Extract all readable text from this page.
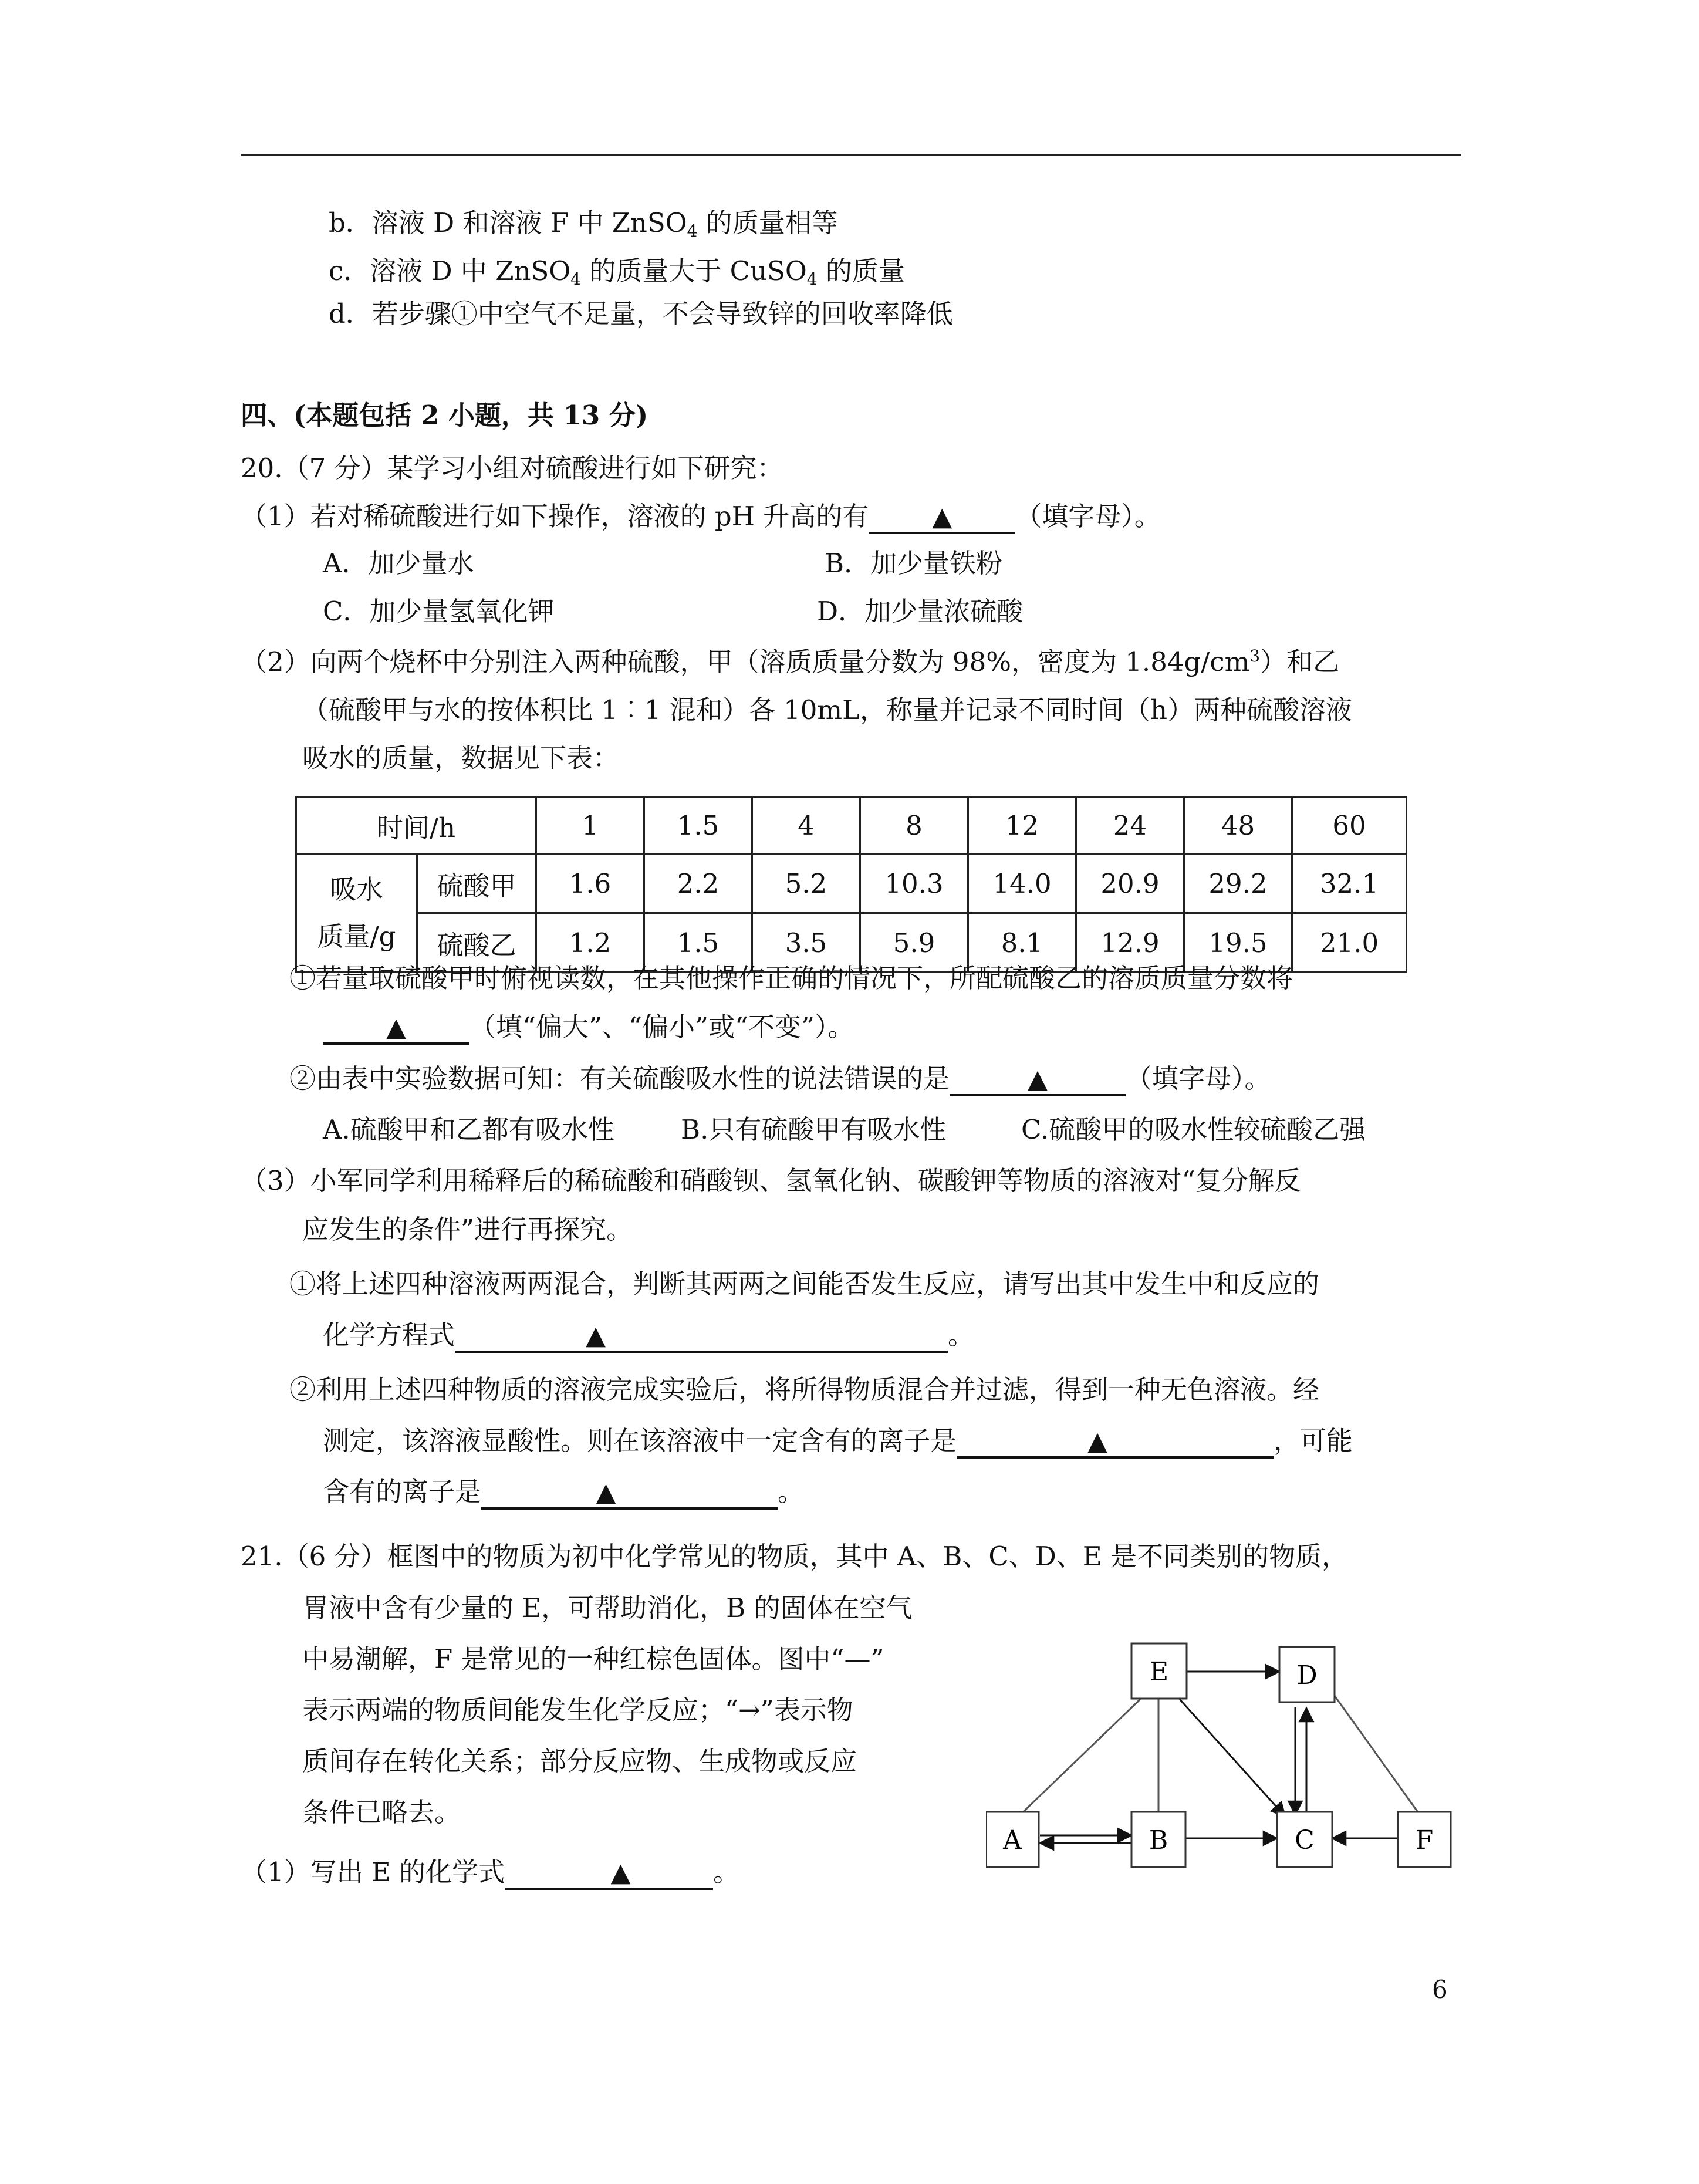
b．溶液 D 和溶液 F 中 ZnSO$_4$ 的质量相等
c．溶液 D 中 ZnSO$_4$ 的质量大于 CuSO$_4$ 的质量
d．若步骤①中空气不足量，不会导致锌的回收率降低
四、(本题包括 2 小题，共 13 分)
20.（7 分）某学习小组对硫酸进行如下研究：
（1）若对稀硫酸进行如下操作，溶液的 pH 升高的有 ▲ （填字母）。
A．加少量水	B．加少量铁粉
C．加少量氢氧化钾	D．加少量浓硫酸
（2）向两个烧杯中分别注入两种硫酸，甲（溶质质量分数为 98%，密度为 $1.84g/cm^3$）和乙
（硫酸甲与水的按体积比 1︰1 混和）各 10mL，称量并记录不同时间（h）两种硫酸溶液
吸水的质量，数据见下表：
时间/h		1	1.5	4	8	12	24	48	60
吸水
质量/g	硫酸甲	1.6	2.2	5.2	10.3	14.0	20.9	29.2	32.1
	硫酸乙	1.2	1.5	3.5	5.9	8.1	12.9	19.5	21.0
①若量取硫酸甲时俯视读数，在其他操作正确的情况下，所配硫酸乙的溶质质量分数将
▲ （填“偏大”、“偏小”或“不变”）。
②由表中实验数据可知：有关硫酸吸水性的说法错误的是	▲	（填字母）。
A.硫酸甲和乙都有吸水性	B.只有硫酸甲有吸水性	C.硫酸甲的吸水性较硫酸乙强
（3）小军同学利用稀释后的稀硫酸和硝酸钡、氢氧化钠、碳酸钾等物质的溶液对“复分解反
应发生的条件”进行再探究。
①将上述四种溶液两两混合，判断其两两之间能否发生反应，请写出其中发生中和反应的
化学方程式	▲	。
②利用上述四种物质的溶液完成实验后，将所得物质混合并过滤，得到一种无色溶液。经
测定，该溶液显酸性。则在该溶液中一定含有的离子是	▲	，可能
含有的离子是	▲	。
21.（6 分）框图中的物质为初中化学常见的物质，其中 A、B、C、D、E 是不同类别的物质，
胃液中含有少量的 E，可帮助消化，B 的固体在空气
中易潮解，F 是常见的一种红棕色固体。图中“—”
表示两端的物质间能发生化学反应；“→”表示物
质间存在转化关系；部分反应物、生成物或反应
条件已略去。
（1）写出 E 的化学式	▲	。
E	D
A	B	C	F
6
